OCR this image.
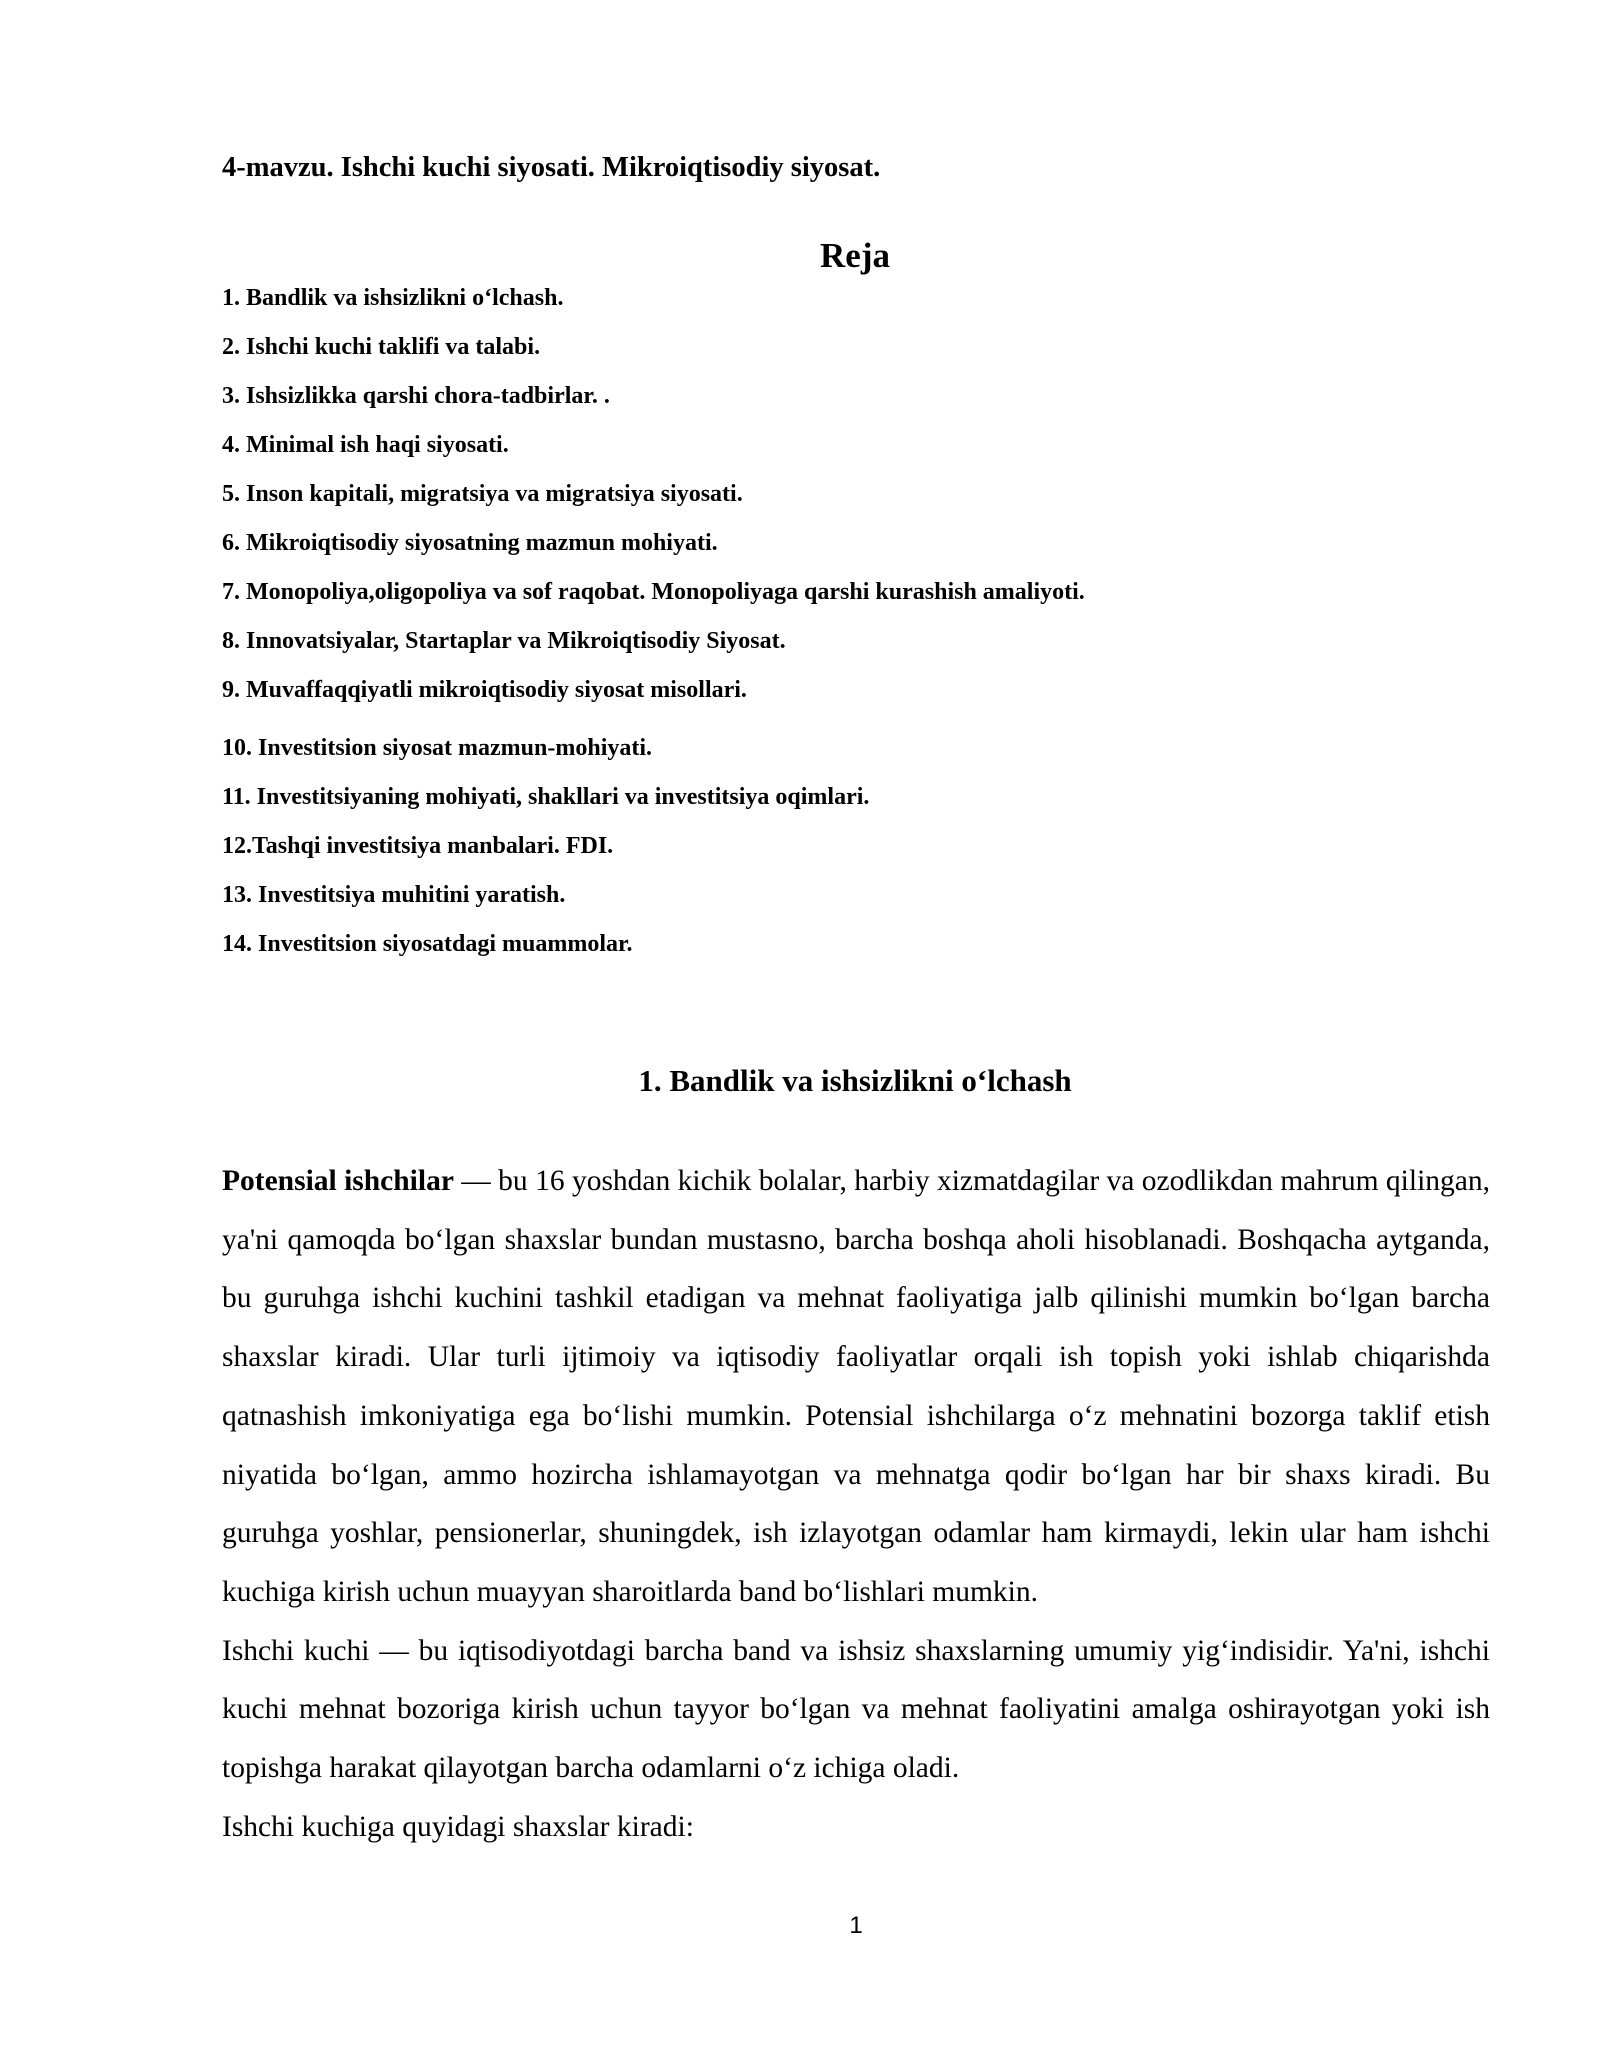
4-mavzu. Ishchi kuchi siyosati. Mikroiqtisodiy siyosat.
Reja
1. Bandlik va ishsizlikni o‘lchash.
2. Ishchi kuchi taklifi va talabi.
3. Ishsizlikka qarshi chora-tadbirlar. .
4. Minimal ish haqi siyosati.
5. Inson kapitali, migratsiya va migratsiya siyosati.
6. Mikroiqtisodiy siyosatning mazmun mohiyati.
7. Monopoliya,oligopoliya va sof raqobat. Monopoliyaga qarshi kurashish amaliyoti.
8. Innovatsiyalar, Startaplar va Mikroiqtisodiy Siyosat.
9. Muvaffaqqiyatli mikroiqtisodiy siyosat misollari.
10. Investitsion siyosat mazmun-mohiyati.
11. Investitsiyaning mohiyati, shakllari va investitsiya oqimlari.
12.Tashqi investitsiya manbalari. FDI.
13. Investitsiya muhitini yaratish.
14. Investitsion siyosatdagi muammolar.
1. Bandlik va ishsizlikni o‘lchash

Potensial ishchilar — bu 16 yoshdan kichik bolalar, harbiy xizmatdagilar va ozodlikdan mahrum qilingan, ya'ni qamoqda bo‘lgan shaxslar bundan mustasno, barcha boshqa aholi hisoblanadi. Boshqacha aytganda, bu guruhga ishchi kuchini tashkil etadigan va mehnat faoliyatiga jalb qilinishi mumkin bo‘lgan barcha shaxslar kiradi. Ular turli ijtimoiy va iqtisodiy faoliyatlar orqali ish topish yoki ishlab chiqarishda qatnashish imkoniyatiga ega bo‘lishi mumkin. Potensial ishchilarga o‘z mehnatini bozorga taklif etish niyatida bo‘lgan, ammo hozircha ishlamayotgan va mehnatga qodir bo‘lgan har bir shaxs kiradi. Bu guruhga yoshlar, pensionerlar, shuningdek, ish izlayotgan odamlar ham kirmaydi, lekin ular ham ishchi kuchiga kirish uchun muayyan sharoitlarda band bo‘lishlari mumkin.

Ishchi kuchi — bu iqtisodiyotdagi barcha band va ishsiz shaxslarning umumiy yig‘indisidir. Ya'ni, ishchi kuchi mehnat bozoriga kirish uchun tayyor bo‘lgan va mehnat faoliyatini amalga oshirayotgan yoki ish topishga harakat qilayotgan barcha odamlarni o‘z ichiga oladi.

Ishchi kuchiga quyidagi shaxslar kiradi:

1
